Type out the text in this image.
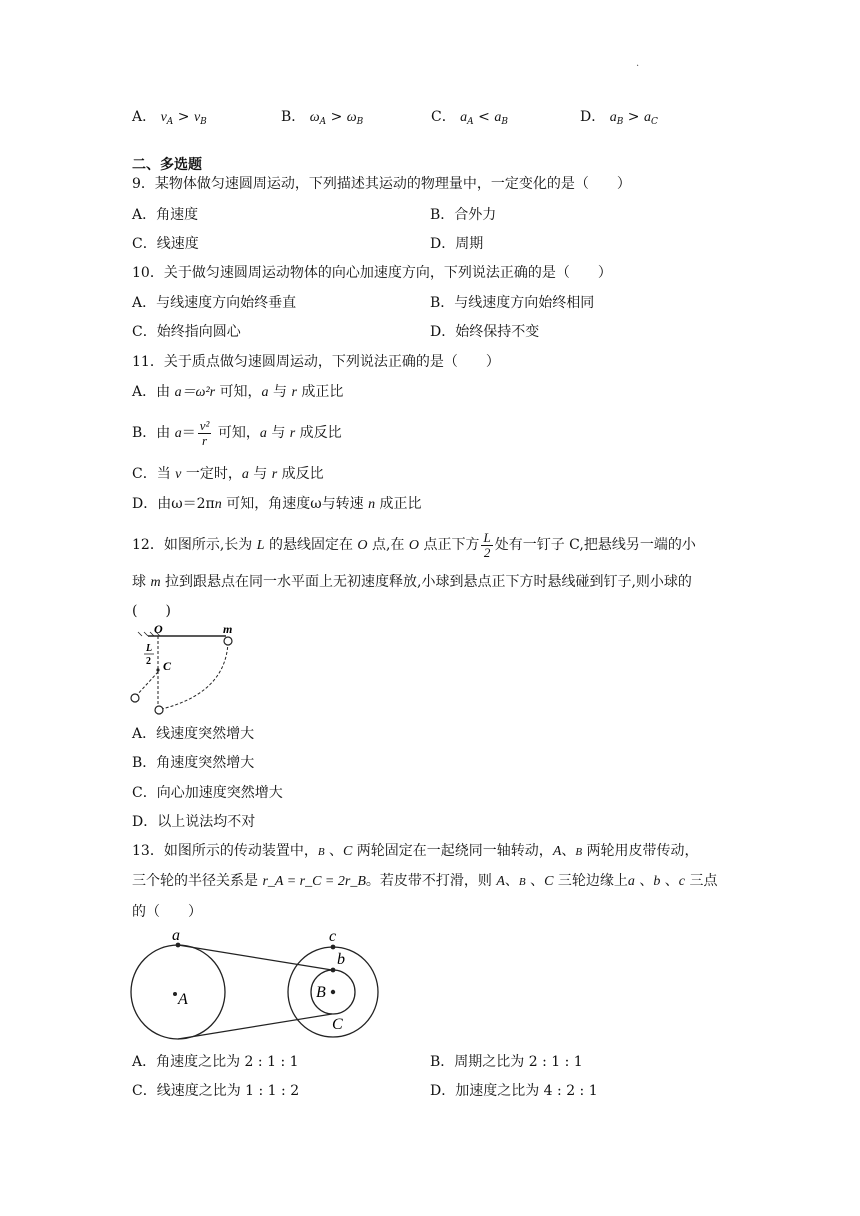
.
A． $v_A > v_B$	B． $\omega_A > \omega_B$	C． $a_A < a_B$	D． $a_B > a_C$
二、多选题
9．某物体做匀速圆周运动，下列描述其运动的物理量中，一定变化的是（　　）
A．角速度	B．合外力
C．线速度	D．周期
10．关于做匀速圆周运动物体的向心加速度方向，下列说法正确的是（　　）
A．与线速度方向始终垂直	B．与线速度方向始终相同
C．始终指向圆心	D．始终保持不变
11．关于质点做匀速圆周运动，下列说法正确的是（　　）
A．由 a＝ω²r 可知，a 与 r 成正比
B．由 $a= \frac{\text{v²}}{r}$ 可知，a 与 r 成反比
C．当 v 一定时，a 与 r 成反比
D．由ω＝2πn 可知，角速度ω与转速 n 成正比
12．如图所示,长为 L 的悬线固定在 O 点,在 O 点正下方 $\frac{L}{2}$ 处有一钉子 C,把悬线另一端的小
球 m 拉到跟悬点在同一水平面上无初速度释放,小球到悬点正下方时悬线碰到钉子,则小球的
(　　)
O	m
L
2 C
A．线速度突然增大
B．角速度突然增大
C．向心加速度突然增大
D．以上说法均不对
13．如图所示的传动装置中，B 、C 两轮固定在一起绕同一轴转动，A、B 两轮用皮带传动，
三个轮的半径关系是 r_A = r_C = 2r_B。若皮带不打滑，则 A、B 、C 三轮边缘上a 、b 、c 三点
的（　　）
a
A
c
b
B
C
A．角速度之比为 2 : 1 : 1	B．周期之比为 2 : 1 : 1
C．线速度之比为 1 : 1 : 2	D．加速度之比为 4 : 2 : 1
